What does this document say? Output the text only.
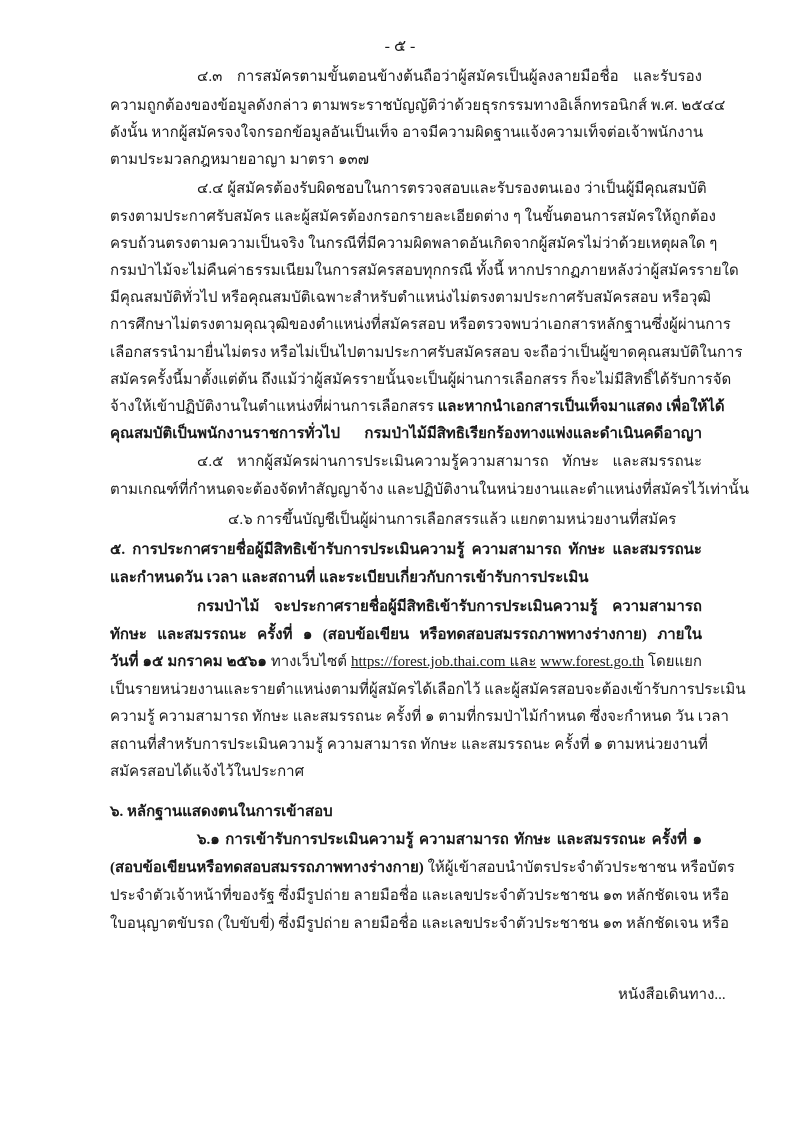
- ๕ -
๔.๓ การสมัครตามขั้นตอนข้างต้นถือว่าผู้สมัครเป็นผู้ลงลายมือชื่อ และรับรอง
ความถูกต้องของข้อมูลดังกล่าว ตามพระราชบัญญัติว่าด้วยธุรกรรมทางอิเล็กทรอนิกส์ พ.ศ. ๒๕๔๔
ดังนั้น หากผู้สมัครจงใจกรอกข้อมูลอันเป็นเท็จ อาจมีความผิดฐานแจ้งความเท็จต่อเจ้าพนักงาน
ตามประมวลกฎหมายอาญา มาตรา ๑๓๗
๔.๔ ผู้สมัครต้องรับผิดชอบในการตรวจสอบและรับรองตนเอง ว่าเป็นผู้มีคุณสมบัติ
ตรงตามประกาศรับสมัคร และผู้สมัครต้องกรอกรายละเอียดต่าง ๆ ในขั้นตอนการสมัครให้ถูกต้อง
ครบถ้วนตรงตามความเป็นจริง ในกรณีที่มีความผิดพลาดอันเกิดจากผู้สมัครไม่ว่าด้วยเหตุผลใด ๆ
กรมป่าไม้จะไม่คืนค่าธรรมเนียมในการสมัครสอบทุกกรณี ทั้งนี้ หากปรากฏภายหลังว่าผู้สมัครรายใด
มีคุณสมบัติทั่วไป หรือคุณสมบัติเฉพาะสำหรับตำแหน่งไม่ตรงตามประกาศรับสมัครสอบ หรือวุฒิ
การศึกษาไม่ตรงตามคุณวุฒิของตำแหน่งที่สมัครสอบ หรือตรวจพบว่าเอกสารหลักฐานซึ่งผู้ผ่านการ
เลือกสรรนำมายื่นไม่ตรง หรือไม่เป็นไปตามประกาศรับสมัครสอบ จะถือว่าเป็นผู้ขาดคุณสมบัติในการ
สมัครครั้งนี้มาตั้งแต่ต้น ถึงแม้ว่าผู้สมัครรายนั้นจะเป็นผู้ผ่านการเลือกสรร ก็จะไม่มีสิทธิ์ได้รับการจัด
จ้างให้เข้าปฏิบัติงานในตำแหน่งที่ผ่านการเลือกสรร และหากนำเอกสารเป็นเท็จมาแสดง เพื่อให้ได้
คุณสมบัติเป็นพนักงานราชการทั่วไป กรมป่าไม้มีสิทธิเรียกร้องทางแพ่งและดำเนินคดีอาญา
๔.๕ หากผู้สมัครผ่านการประเมินความรู้ความสามารถ ทักษะ และสมรรถนะ
ตามเกณฑ์ที่กำหนดจะต้องจัดทำสัญญาจ้าง และปฏิบัติงานในหน่วยงานและตำแหน่งที่สมัครไว้เท่านั้น
๔.๖ การขึ้นบัญชีเป็นผู้ผ่านการเลือกสรรแล้ว แยกตามหน่วยงานที่สมัคร
๕. การประกาศรายชื่อผู้มีสิทธิเข้ารับการประเมินความรู้ ความสามารถ ทักษะ และสมรรถนะ
และกำหนดวัน เวลา และสถานที่ และระเบียบเกี่ยวกับการเข้ารับการประเมิน
กรมป่าไม้ จะประกาศรายชื่อผู้มีสิทธิเข้ารับการประเมินความรู้ ความสามารถ
ทักษะ และสมรรถนะ ครั้งที่ ๑ (สอบข้อเขียน หรือทดสอบสมรรถภาพทางร่างกาย) ภายใน
วันที่ ๑๕ มกราคม ๒๕๖๑ ทางเว็บไซต์ https://forest.job.thai.com และ www.forest.go.th โดยแยก
เป็นรายหน่วยงานและรายตำแหน่งตามที่ผู้สมัครได้เลือกไว้ และผู้สมัครสอบจะต้องเข้ารับการประเมิน
ความรู้ ความสามารถ ทักษะ และสมรรถนะ ครั้งที่ ๑ ตามที่กรมป่าไม้กำหนด ซึ่งจะกำหนด วัน เวลา
สถานที่สำหรับการประเมินความรู้ ความสามารถ ทักษะ และสมรรถนะ ครั้งที่ ๑ ตามหน่วยงานที่
สมัครสอบได้แจ้งไว้ในประกาศ
๖. หลักฐานแสดงตนในการเข้าสอบ
๖.๑ การเข้ารับการประเมินความรู้ ความสามารถ ทักษะ และสมรรถนะ ครั้งที่ ๑
(สอบข้อเขียนหรือทดสอบสมรรถภาพทางร่างกาย) ให้ผู้เข้าสอบนำบัตรประจำตัวประชาชน หรือบัตร
ประจำตัวเจ้าหน้าที่ของรัฐ ซึ่งมีรูปถ่าย ลายมือชื่อ และเลขประจำตัวประชาชน ๑๓ หลักชัดเจน หรือ
ใบอนุญาตขับรถ (ใบขับขี่) ซึ่งมีรูปถ่าย ลายมือชื่อ และเลขประจำตัวประชาชน ๑๓ หลักชัดเจน หรือ
หนังสือเดินทาง...
